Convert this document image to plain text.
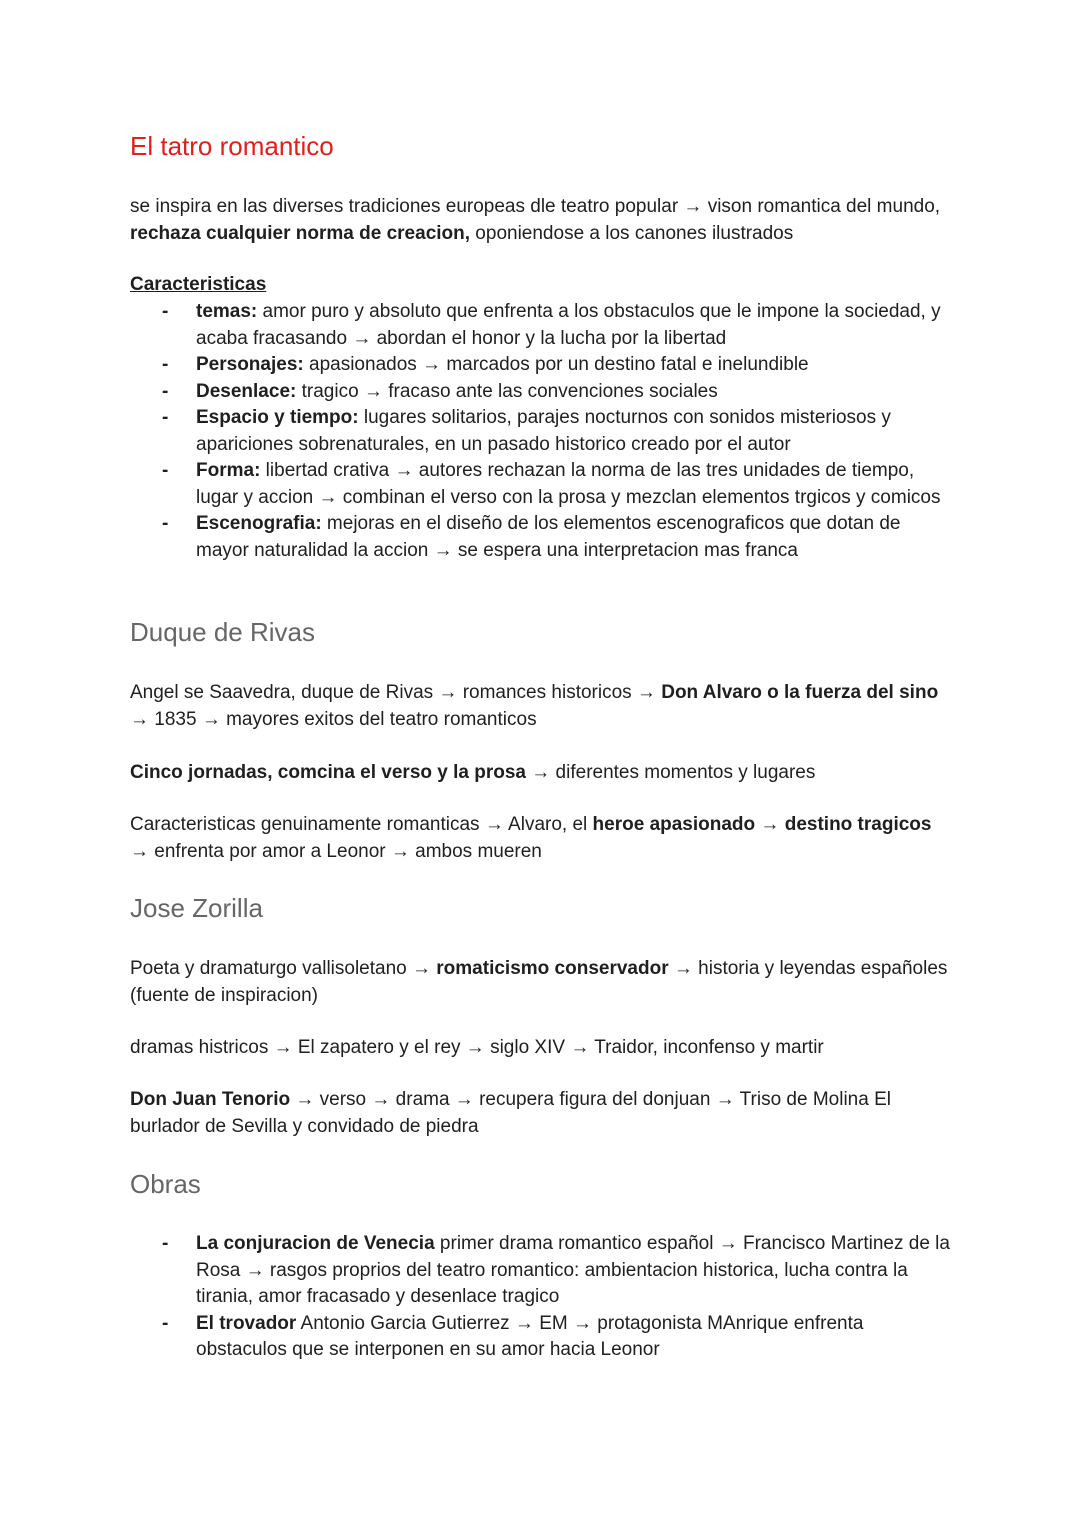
El tatro romantico

se inspira en las diverses tradiciones europeas dle teatro popular → vison romantica del mundo, rechaza cualquier norma de creacion, oponiendose a los canones ilustrados

Caracteristicas

- temas: amor puro y absoluto que enfrenta a los obstaculos que le impone la sociedad, y acaba fracasando → abordan el honor y la lucha por la libertad
- Personajes: apasionados → marcados por un destino fatal e inelundible
- Desenlace: tragico → fracaso ante las convenciones sociales
- Espacio y tiempo: lugares solitarios, parajes nocturnos con sonidos misteriosos y apariciones sobrenaturales, en un pasado historico creado por el autor
- Forma: libertad crativa → autores rechazan la norma de las tres unidades de tiempo, lugar y accion → combinan el verso con la prosa y mezclan elementos trgicos y comicos
- Escenografia: mejoras en el diseño de los elementos escenograficos que dotan de mayor naturalidad la accion → se espera una interpretacion mas franca
Duque de Rivas

Angel se Saavedra, duque de Rivas → romances historicos → Don Alvaro o la fuerza del sino → 1835 → mayores exitos del teatro romanticos

Cinco jornadas, comcina el verso y la prosa → diferentes momentos y lugares

Caracteristicas genuinamente romanticas → Alvaro, el heroe apasionado → destino tragicos → enfrenta por amor a Leonor → ambos mueren

Jose Zorilla

Poeta y dramaturgo vallisoletano → romaticismo conservador → historia y leyendas españoles (fuente de inspiracion)

dramas histricos → El zapatero y el rey → siglo XIV → Traidor, inconfenso y martir

Don Juan Tenorio → verso → drama → recupera figura del donjuan → Triso de Molina El burlador de Sevilla y convidado de piedra

Obras
- La conjuracion de Venecia primer drama romantico español → Francisco Martinez de la Rosa → rasgos proprios del teatro romantico: ambientacion historica, lucha contra la tirania, amor fracasado y desenlace tragico
- El trovador Antonio Garcia Gutierrez → EM → protagonista MAnrique enfrenta obstaculos que se interponen en su amor hacia Leonor
